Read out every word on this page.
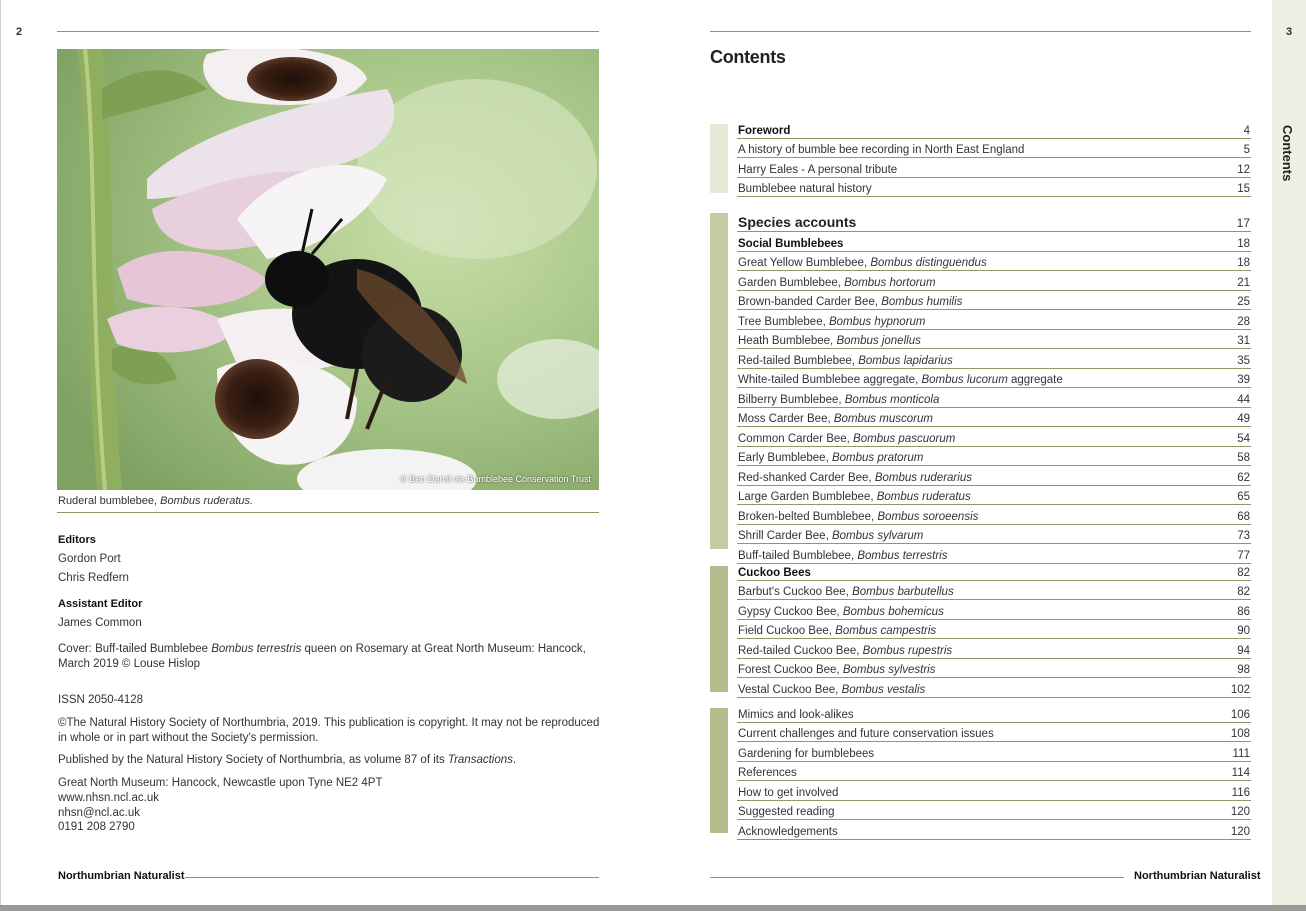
2
© Ben Darvil via Bumblebee Conservation Trust
Ruderal bumblebee, Bombus ruderatus.
Editors
Gordon Port
Chris Redfern
Assistant Editor
James Common
Cover: Buff-tailed Bumblebee Bombus terrestris queen on Rosemary at Great North Museum: Hancock,
March 2019 © Louse Hislop
ISSN 2050-4128
©The Natural History Society of Northumbria, 2019. This publication is copyright. It may not be reproduced
in whole or in part without the Society's permission.
Published by the Natural History Society of Northumbria, as volume 87 of its Transactions.
Great North Museum: Hancock, Newcastle upon Tyne NE2 4PT
www.nhsn.ncl.ac.uk
nhsn@ncl.ac.uk
0191 208 2790
Northumbrian Naturalist
Contents
3
Contents
Foreword	4
A history of bumble bee recording in North East England	5
Harry Eales - A personal tribute	12
Bumblebee natural history	15
Species accounts	17
Social Bumblebees	18
Great Yellow Bumblebee, Bombus distinguendus	18
Garden Bumblebee, Bombus hortorum	21
Brown-banded Carder Bee, Bombus humilis	25
Tree Bumblebee, Bombus hypnorum	28
Heath Bumblebee, Bombus jonellus	31
Red-tailed Bumblebee, Bombus lapidarius	35
White-tailed Bumblebee aggregate, Bombus lucorum aggregate	39
Bilberry Bumblebee, Bombus monticola	44
Moss Carder Bee, Bombus muscorum	49
Common Carder Bee, Bombus pascuorum	54
Early Bumblebee, Bombus pratorum	58
Red-shanked Carder Bee, Bombus ruderarius	62
Large Garden Bumblebee, Bombus ruderatus	65
Broken-belted Bumblebee, Bombus soroeensis	68
Shrill Carder Bee, Bombus sylvarum	73
Buff-tailed Bumblebee, Bombus terrestris	77
Cuckoo Bees	82
Barbut's Cuckoo Bee, Bombus barbutellus	82
Gypsy Cuckoo Bee, Bombus bohemicus	86
Field Cuckoo Bee, Bombus campestris	90
Red-tailed Cuckoo Bee, Bombus rupestris	94
Forest Cuckoo Bee, Bombus sylvestris	98
Vestal Cuckoo Bee, Bombus vestalis	102
Mimics and look-alikes	106
Current challenges and future conservation issues	108
Gardening for bumblebees	111
References	114
How to get involved	116
Suggested reading	120
Acknowledgements	120
Northumbrian Naturalist
